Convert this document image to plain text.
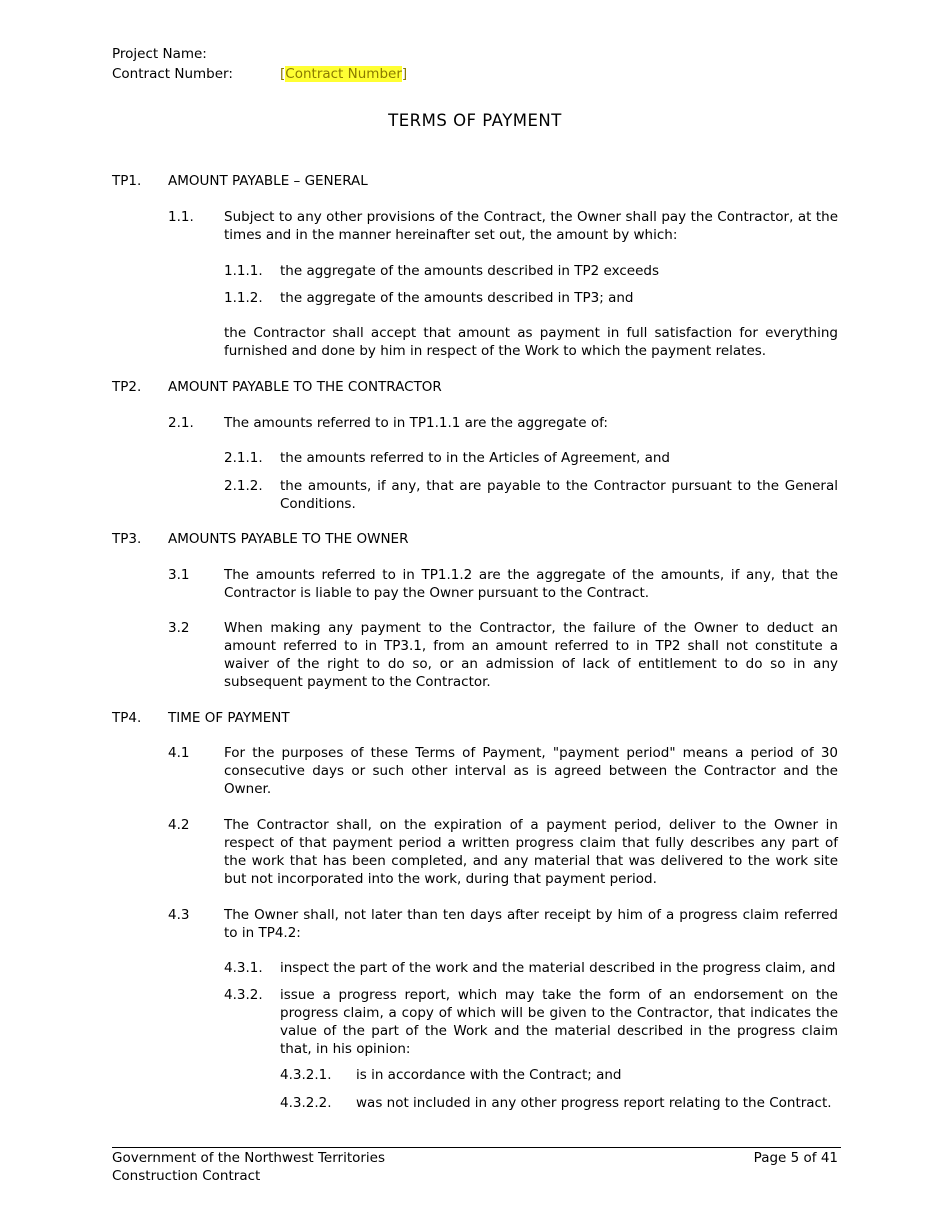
Project Name:
Contract Number:	[Contract Number]
TERMS OF PAYMENT
TP1. AMOUNT PAYABLE – GENERAL
1.1. Subject to any other provisions of the Contract, the Owner shall pay the Contractor, at the times and in the manner hereinafter set out, the amount by which:
1.1.1. the aggregate of the amounts described in TP2 exceeds
1.1.2. the aggregate of the amounts described in TP3; and
the Contractor shall accept that amount as payment in full satisfaction for everything furnished and done by him in respect of the Work to which the payment relates.
TP2. AMOUNT PAYABLE TO THE CONTRACTOR
2.1. The amounts referred to in TP1.1.1 are the aggregate of:
2.1.1. the amounts referred to in the Articles of Agreement, and
2.1.2. the amounts, if any, that are payable to the Contractor pursuant to the General Conditions.
TP3. AMOUNTS PAYABLE TO THE OWNER
3.1	The amounts referred to in TP1.1.2 are the aggregate of the amounts, if any, that the Contractor is liable to pay the Owner pursuant to the Contract.
3.2	When making any payment to the Contractor, the failure of the Owner to deduct an amount referred to in TP3.1, from an amount referred to in TP2 shall not constitute a waiver of the right to do so, or an admission of lack of entitlement to do so in any subsequent payment to the Contractor.
TP4. TIME OF PAYMENT
4.1	For the purposes of these Terms of Payment, "payment period" means a period of 30 consecutive days or such other interval as is agreed between the Contractor and the Owner.
4.2	The Contractor shall, on the expiration of a payment period, deliver to the Owner in respect of that payment period a written progress claim that fully describes any part of the work that has been completed, and any material that was delivered to the work site but not incorporated into the work, during that payment period.
4.3	The Owner shall, not later than ten days after receipt by him of a progress claim referred to in TP4.2:
4.3.1. inspect the part of the work and the material described in the progress claim, and
4.3.2. issue a progress report, which may take the form of an endorsement on the progress claim, a copy of which will be given to the Contractor, that indicates the value of the part of the Work and the material described in the progress claim that, in his opinion:
4.3.2.1. is in accordance with the Contract; and
4.3.2.2. was not included in any other progress report relating to the Contract.
Government of the Northwest Territories
Construction Contract
Page 5 of 41
